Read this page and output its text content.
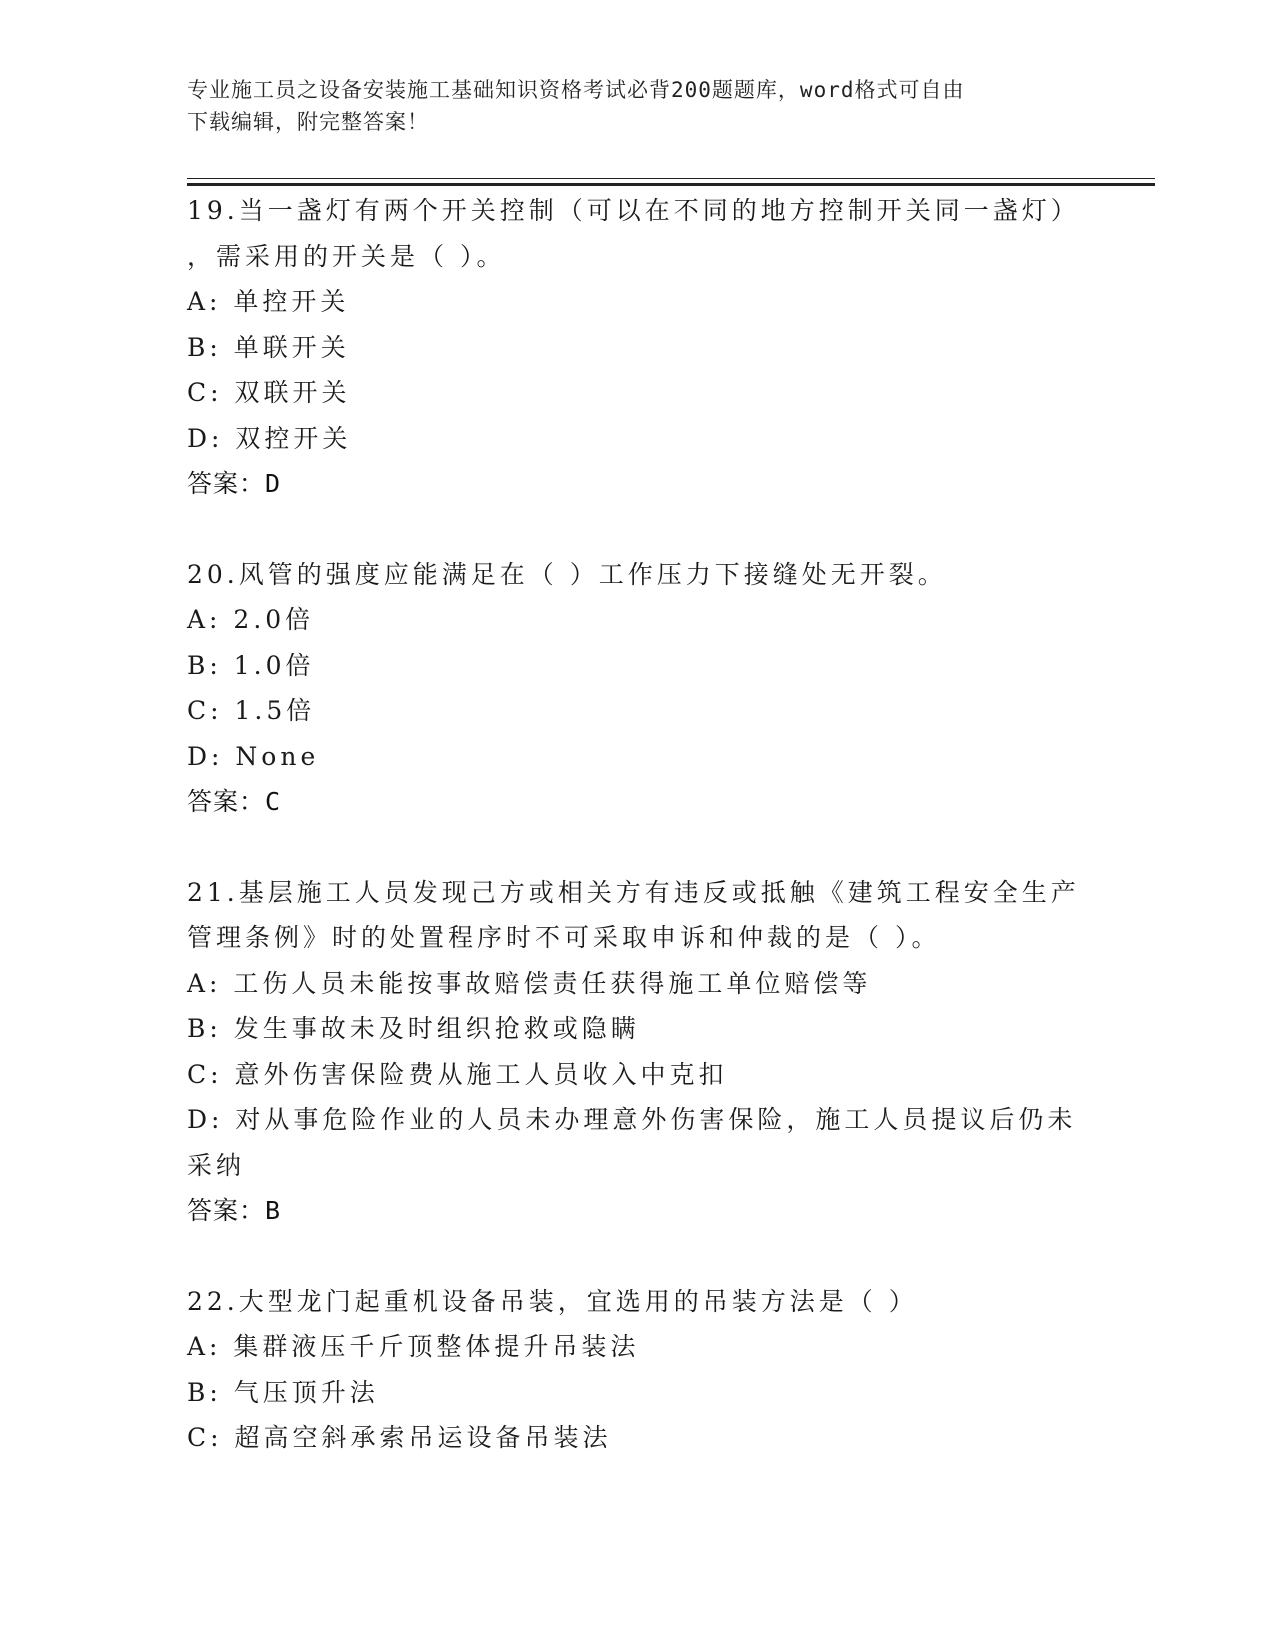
专业施工员之设备安装施工基础知识资格考试必背200题题库，word格式可自由
下载编辑，附完整答案！

19.当一盏灯有两个开关控制（可以在不同的地方控制开关同一盏灯）

，需采用的开关是（ ）。

A: 单控开关

B: 单联开关

C: 双联开关

D: 双控开关

答案：D

20.风管的强度应能满足在（ ）工作压力下接缝处无开裂。

A: 2.0倍

B: 1.0倍

C: 1.5倍

D: None

答案：C

21.基层施工人员发现己方或相关方有违反或抵触《建筑工程安全生产

管理条例》时的处置程序时不可采取申诉和仲裁的是（ ）。

A: 工伤人员未能按事故赔偿责任获得施工单位赔偿等

B: 发生事故未及时组织抢救或隐瞒

C: 意外伤害保险费从施工人员收入中克扣

D: 对从事危险作业的人员未办理意外伤害保险，施工人员提议后仍未

采纳

答案：B

22.大型龙门起重机设备吊装，宜选用的吊装方法是（ ）

A: 集群液压千斤顶整体提升吊装法

B: 气压顶升法

C: 超高空斜承索吊运设备吊装法
